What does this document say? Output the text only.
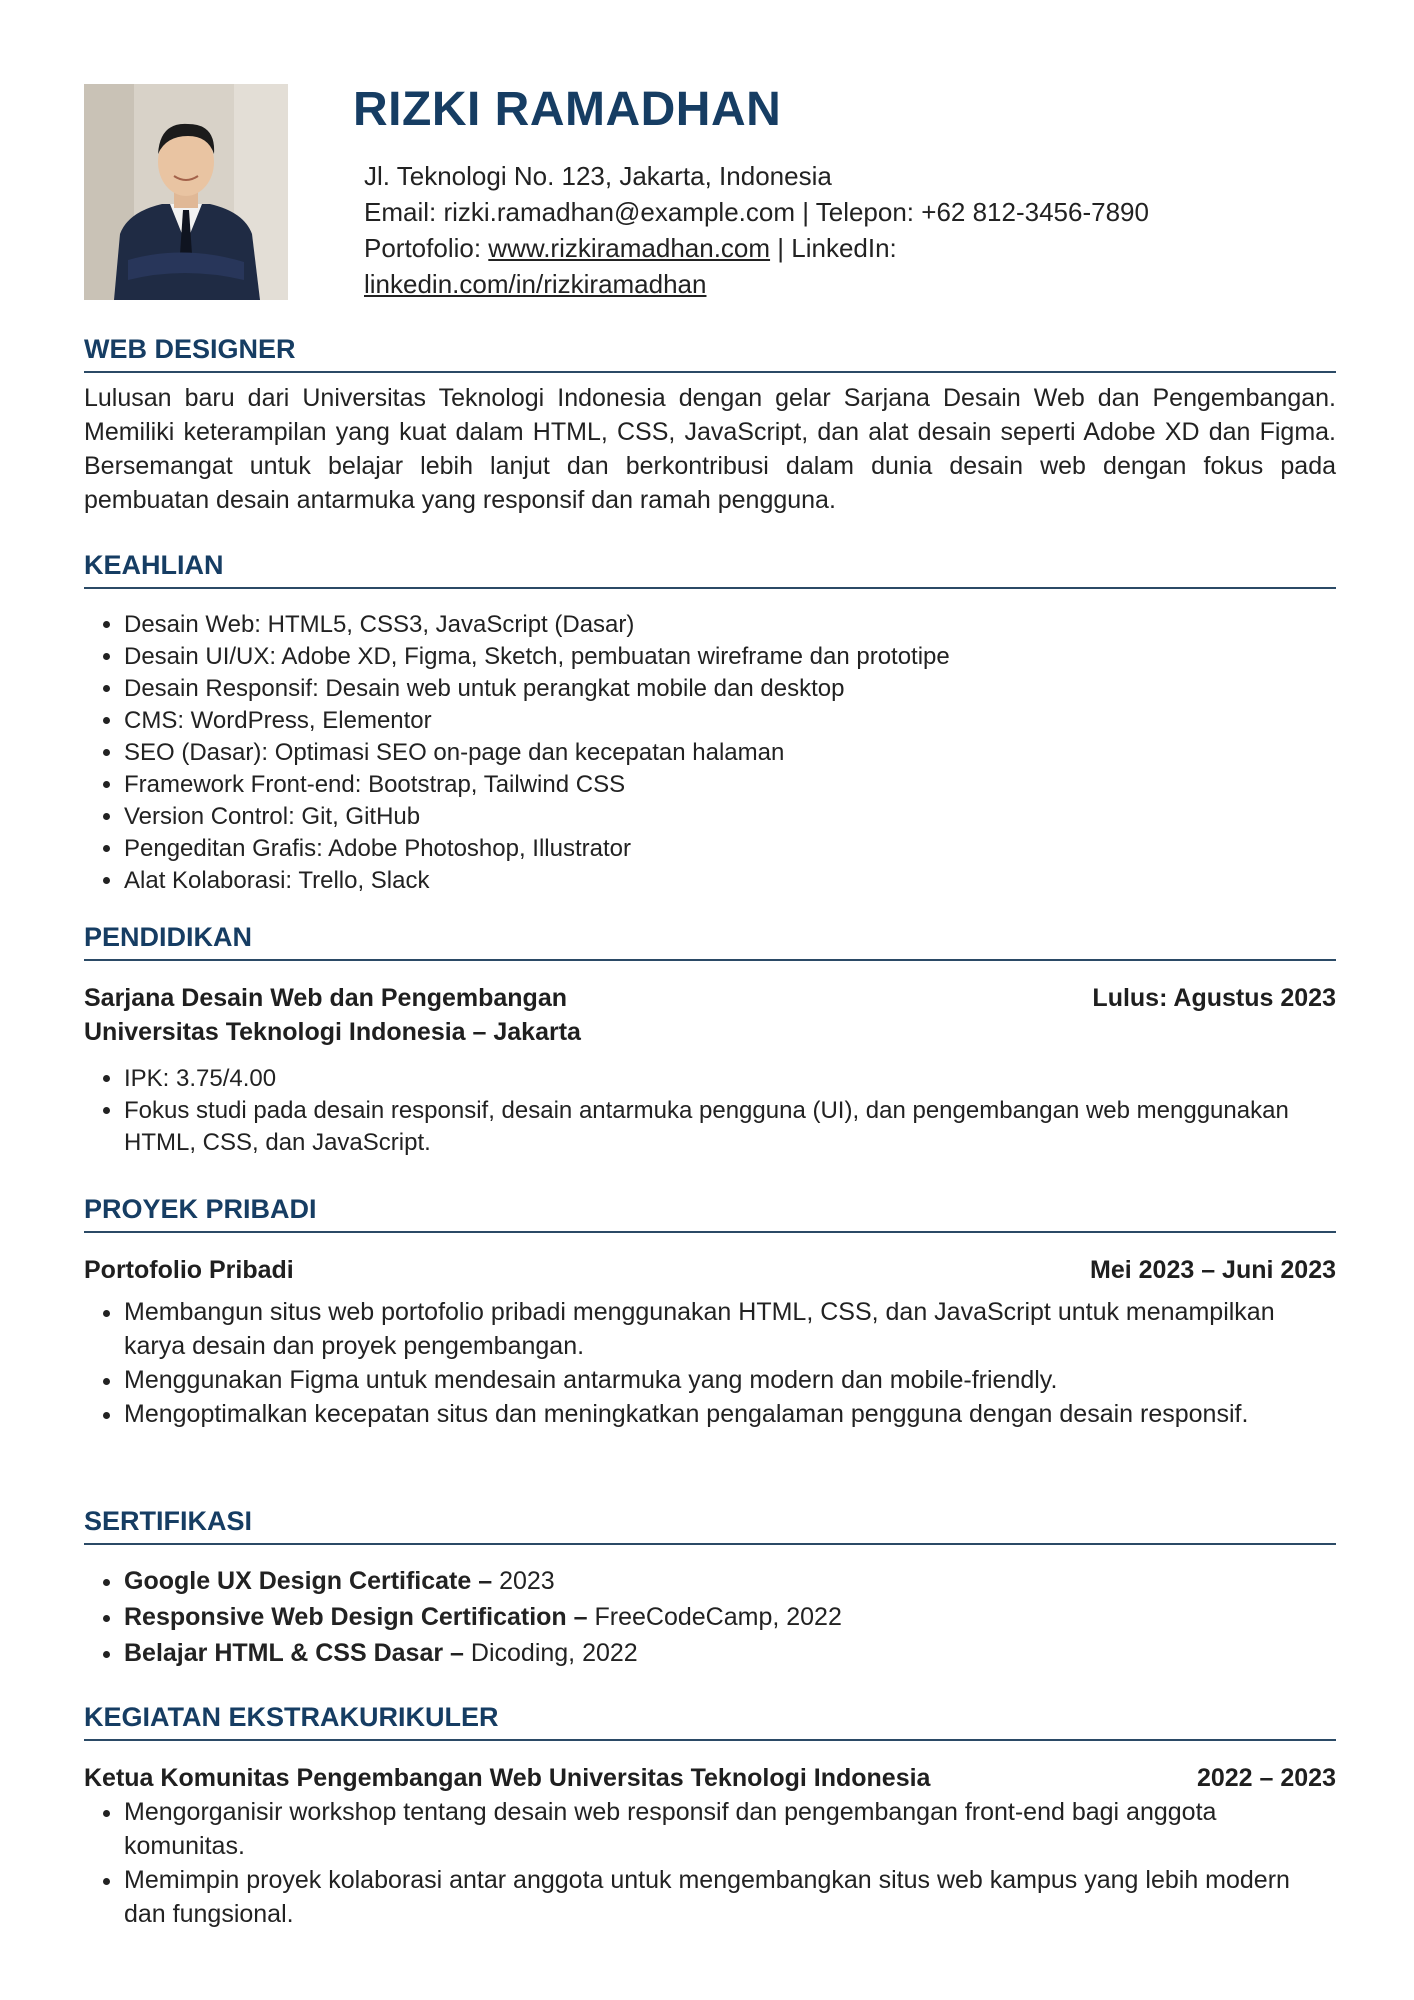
RIZKI RAMADHAN
Jl. Teknologi No. 123, Jakarta, Indonesia
Email: rizki.ramadhan@example.com | Telepon: +62 812-3456-7890
Portofolio: www.rizkiramadhan.com | LinkedIn:
linkedin.com/in/rizkiramadhan
WEB DESIGNER

Lulusan baru dari Universitas Teknologi Indonesia dengan gelar Sarjana Desain Web dan Pengembangan. Memiliki keterampilan yang kuat dalam HTML, CSS, JavaScript, dan alat desain seperti Adobe XD dan Figma. Bersemangat untuk belajar lebih lanjut dan berkontribusi dalam dunia desain web dengan fokus pada pembuatan desain antarmuka yang responsif dan ramah pengguna.

KEAHLIAN
• Desain Web: HTML5, CSS3, JavaScript (Dasar)
• Desain UI/UX: Adobe XD, Figma, Sketch, pembuatan wireframe dan prototipe
• Desain Responsif: Desain web untuk perangkat mobile dan desktop
• CMS: WordPress, Elementor
• SEO (Dasar): Optimasi SEO on-page dan kecepatan halaman
• Framework Front-end: Bootstrap, Tailwind CSS
• Version Control: Git, GitHub
• Pengeditan Grafis: Adobe Photoshop, Illustrator
• Alat Kolaborasi: Trello, Slack
PENDIDIKAN
Sarjana Desain Web dan Pengembangan	Lulus: Agustus 2023
Universitas Teknologi Indonesia – Jakarta
• IPK: 3.75/4.00
• Fokus studi pada desain responsif, desain antarmuka pengguna (UI), dan pengembangan web menggunakan HTML, CSS, dan JavaScript.
PROYEK PRIBADI
Portofolio Pribadi	Mei 2023 – Juni 2023
• Membangun situs web portofolio pribadi menggunakan HTML, CSS, dan JavaScript untuk menampilkan karya desain dan proyek pengembangan.
• Menggunakan Figma untuk mendesain antarmuka yang modern dan mobile-friendly.
• Mengoptimalkan kecepatan situs dan meningkatkan pengalaman pengguna dengan desain responsif.
SERTIFIKASI
• Google UX Design Certificate – 2023
• Responsive Web Design Certification – FreeCodeCamp, 2022
• Belajar HTML & CSS Dasar – Dicoding, 2022
KEGIATAN EKSTRAKURIKULER
Ketua Komunitas Pengembangan Web Universitas Teknologi Indonesia	2022 – 2023
• Mengorganisir workshop tentang desain web responsif dan pengembangan front-end bagi anggota komunitas.
• Memimpin proyek kolaborasi antar anggota untuk mengembangkan situs web kampus yang lebih modern dan fungsional.
